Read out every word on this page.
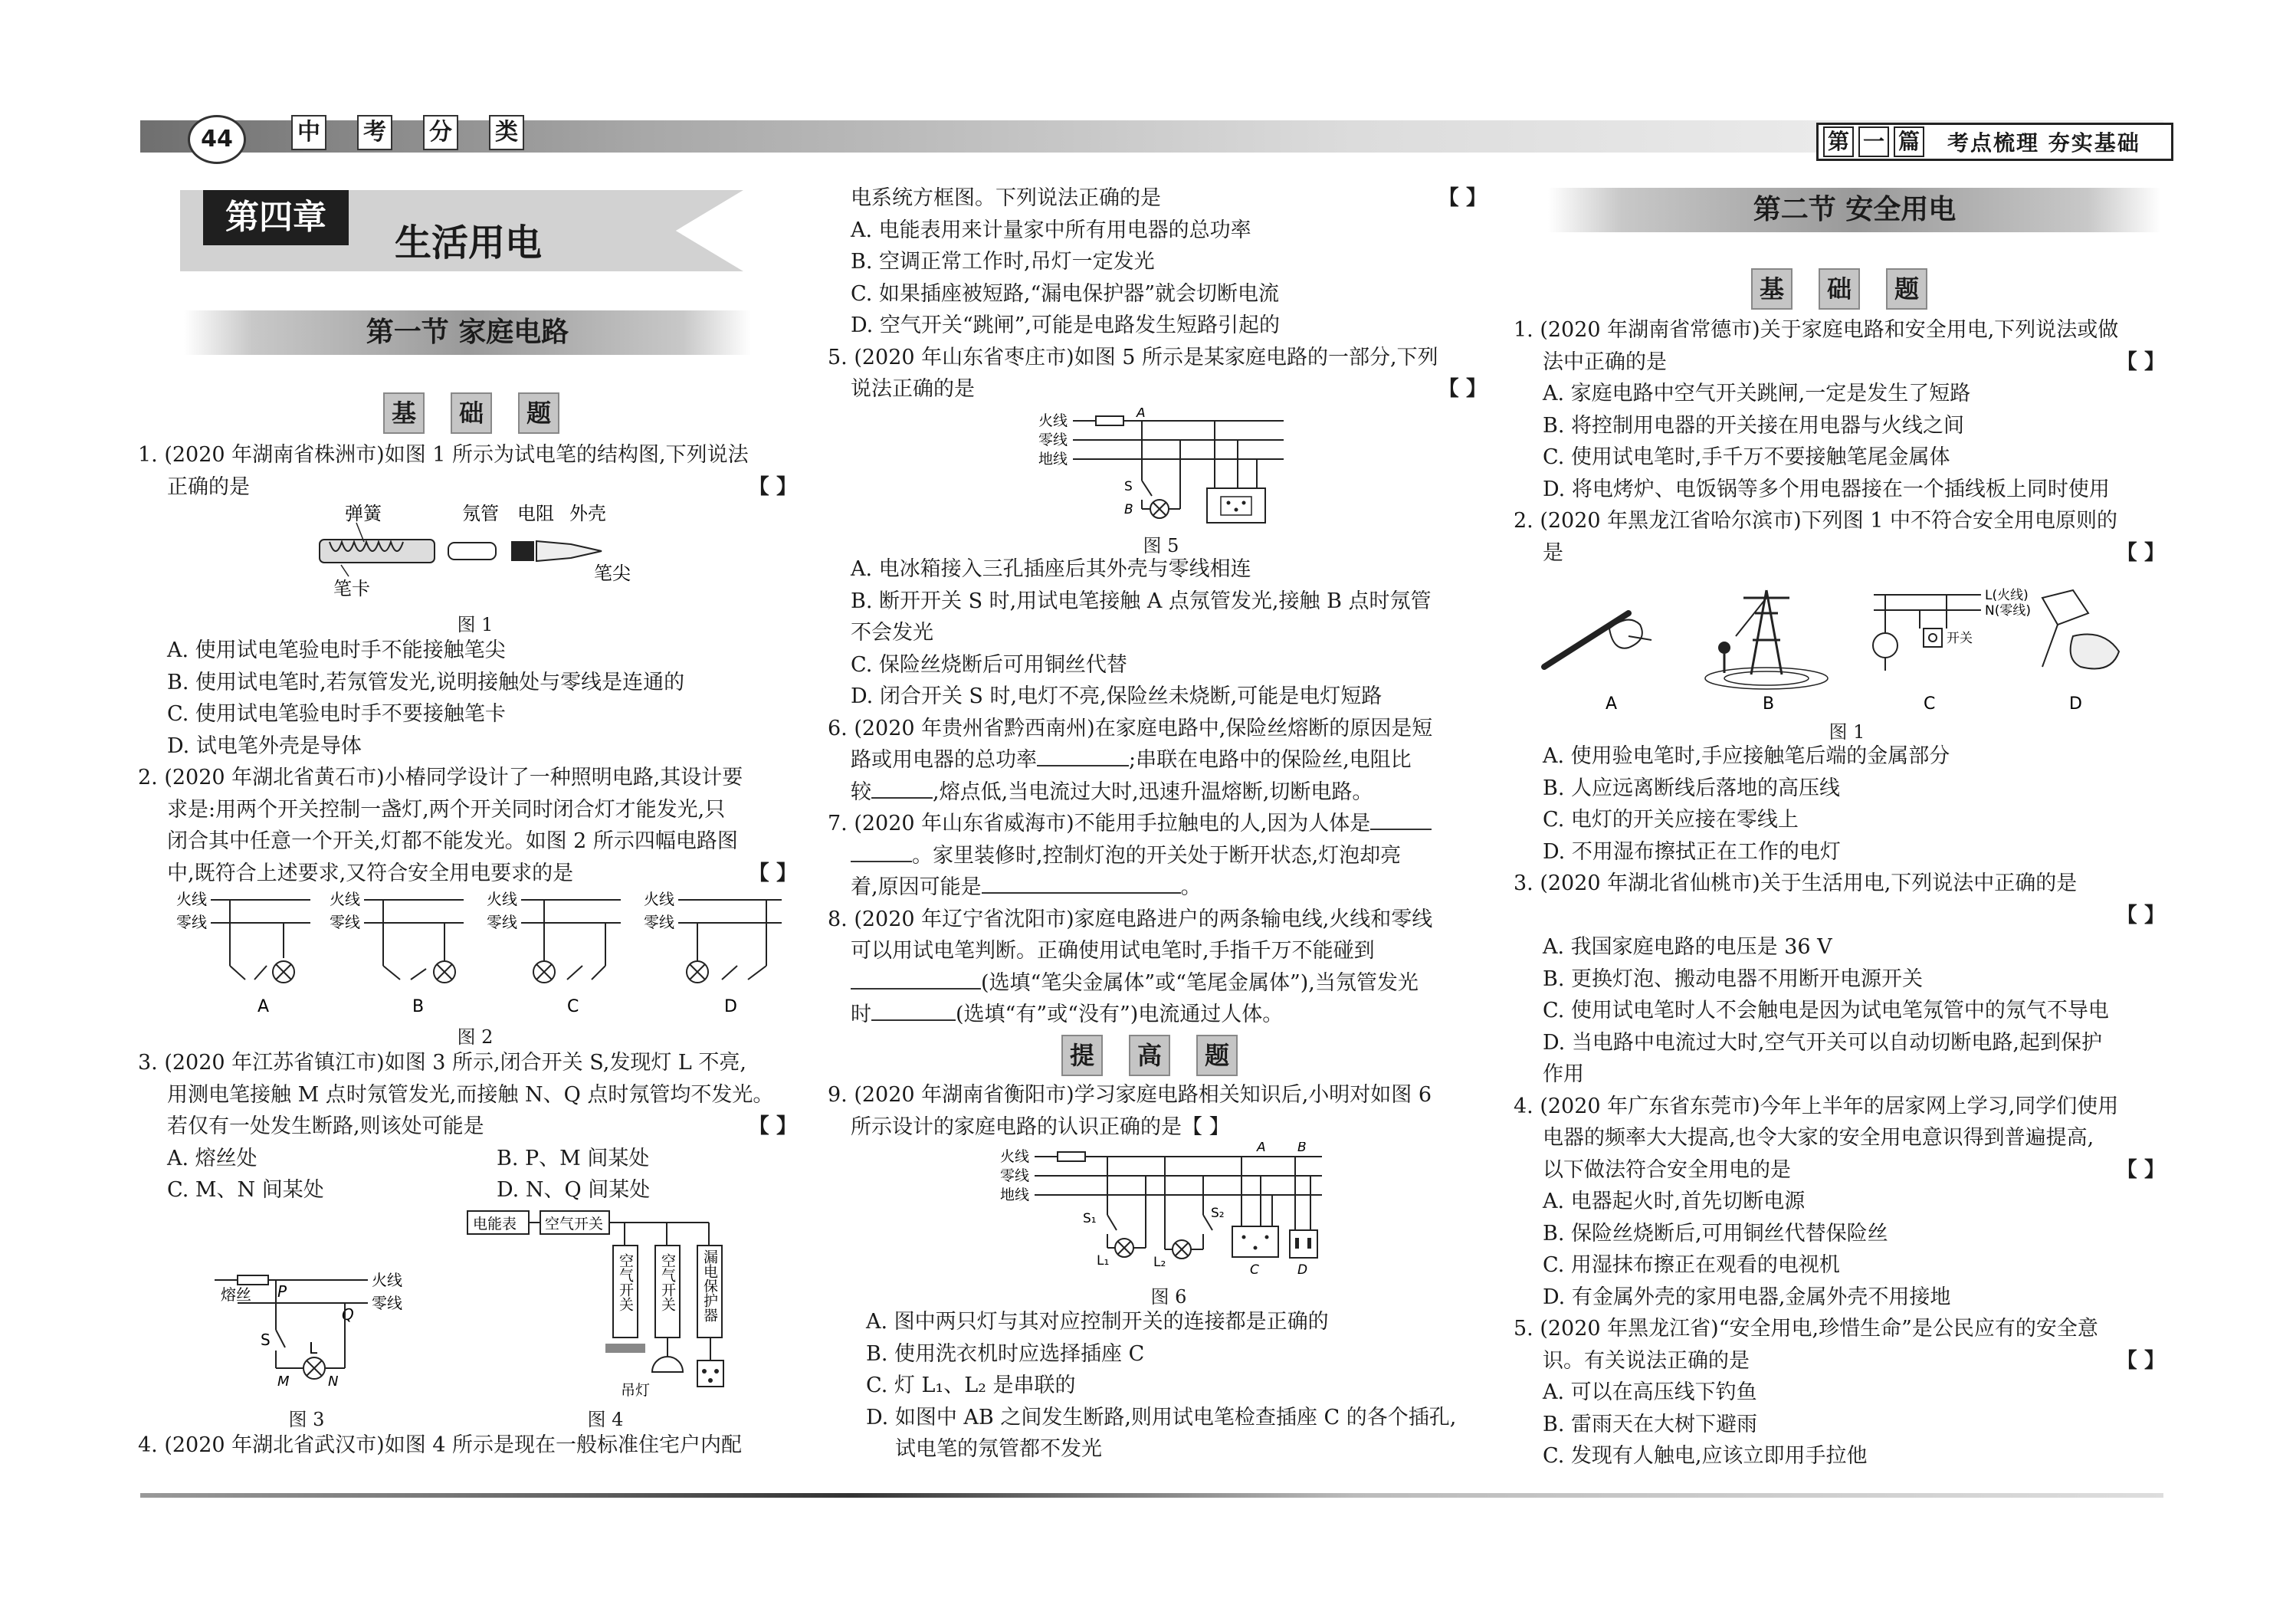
44	中 考 分 类	第 一 篇 考点梳理 夯实基础
第四章
生活用电
第一节 家庭电路
基	础	题

1. (2020 年湖南省株洲市)如图 1 所示为试电笔的结构图,下列说法

正确的是	【 】

弹簧	氖管 电阻 外壳
笔卡
笔尖
图 1

A. 使用试电笔验电时手不能接触笔尖

B. 使用试电笔时,若氖管发光,说明接触处与零线是连通的

C. 使用试电笔验电时手不要接触笔卡

D. 试电笔外壳是导体

2. (2020 年湖北省黄石市)小椿同学设计了一种照明电路,其设计要

求是:用两个开关控制一盏灯,两个开关同时闭合灯才能发光,只

闭合其中任意一个开关,灯都不能发光。如图 2 所示四幅电路图

中,既符合上述要求,又符合安全用电要求的是	【 】

火线
零线
A
火线
零线
B
火线
零线
C
火线
零线
D
图 2

3. (2020 年江苏省镇江市)如图 3 所示,闭合开关 S,发现灯 L 不亮,

用测电笔接触 M 点时氖管发光,而接触 N、Q 点时氖管均不发光。

若仅有一处发生断路,则该处可能是	【 】

A. 熔丝处	B. P、M 间某处

C. M、N 间某处	D. N、Q 间某处

火线
零线
熔丝 P
Q
S	L
M	N
图 3
电能表 空气开关
空气开关 空气开关 漏电保护器
吊灯
图 4

4. (2020 年湖北省武汉市)如图 4 所示是现在一般标准住宅户内配

电系统方框图。下列说法正确的是	【 】

A. 电能表用来计量家中所有用电器的总功率

B. 空调正常工作时,吊灯一定发光

C. 如果插座被短路,“漏电保护器”就会切断电流

D. 空气开关“跳闸”,可能是电路发生短路引起的

5. (2020 年山东省枣庄市)如图 5 所示是某家庭电路的一部分,下列

说法正确的是	【 】

火线
零线
地线
A
S
B
图 5

A. 电冰箱接入三孔插座后其外壳与零线相连

B. 断开开关 S 时,用试电笔接触 A 点氖管发光,接触 B 点时氖管

不会发光

C. 保险丝烧断后可用铜丝代替

D. 闭合开关 S 时,电灯不亮,保险丝未烧断,可能是电灯短路

6. (2020 年贵州省黔西南州)在家庭电路中,保险丝熔断的原因是短

路或用电器的总功率	;串联在电路中的保险丝,电阻比

较	,熔点低,当电流过大时,迅速升温熔断,切断电路。

7. (2020 年山东省威海市)不能用手拉触电的人,因为人体是

。家里装修时,控制灯泡的开关处于断开状态,灯泡却亮

着,原因可能是	。

8. (2020 年辽宁省沈阳市)家庭电路进户的两条输电线,火线和零线

可以用试电笔判断。正确使用试电笔时,手指千万不能碰到

(选填“笔尖金属体”或“笔尾金属体”),当氖管发光

时	(选填“有”或“没有”)电流通过人体。

提	高	题

9. (2020 年湖南省衡阳市)学习家庭电路相关知识后,小明对如图 6

所示设计的家庭电路的认识正确的是【 】

火线
零线
地线
A B
S₁
L₁
S₂
L₂	C	D
图 6

A. 图中两只灯与其对应控制开关的连接都是正确的

B. 使用洗衣机时应选择插座 C

C. 灯 L₁、L₂ 是串联的

D. 如图中 AB 之间发生断路,则用试电笔检查插座 C 的各个插孔,

试电笔的氖管都不发光

第二节 安全用电
基	础	题

1. (2020 年湖南省常德市)关于家庭电路和安全用电,下列说法或做

法中正确的是	【 】

A. 家庭电路中空气开关跳闸,一定是发生了短路

B. 将控制用电器的开关接在用电器与火线之间

C. 使用试电笔时,手千万不要接触笔尾金属体

D. 将电烤炉、电饭锅等多个用电器接在一个插线板上同时使用

2. (2020 年黑龙江省哈尔滨市)下列图 1 中不符合安全用电原则的

是	【 】

A
L(火线)
N(零线)
开关
C
B	D
图 1

A. 使用验电笔时,手应接触笔后端的金属部分

B. 人应远离断线后落地的高压线

C. 电灯的开关应接在零线上

D. 不用湿布擦拭正在工作的电灯

3. (2020 年湖北省仙桃市)关于生活用电,下列说法中正确的是

【 】

A. 我国家庭电路的电压是 36 V

B. 更换灯泡、搬动电器不用断开电源开关

C. 使用试电笔时人不会触电是因为试电笔氖管中的氖气不导电

D. 当电路中电流过大时,空气开关可以自动切断电路,起到保护

作用

4. (2020 年广东省东莞市)今年上半年的居家网上学习,同学们使用

电器的频率大大提高,也令大家的安全用电意识得到普遍提高,

以下做法符合安全用电的是	【 】

A. 电器起火时,首先切断电源

B. 保险丝烧断后,可用铜丝代替保险丝

C. 用湿抹布擦正在观看的电视机

D. 有金属外壳的家用电器,金属外壳不用接地

5. (2020 年黑龙江省)“安全用电,珍惜生命”是公民应有的安全意

识。有关说法正确的是	【 】

A. 可以在高压线下钓鱼

B. 雷雨天在大树下避雨

C. 发现有人触电,应该立即用手拉他
